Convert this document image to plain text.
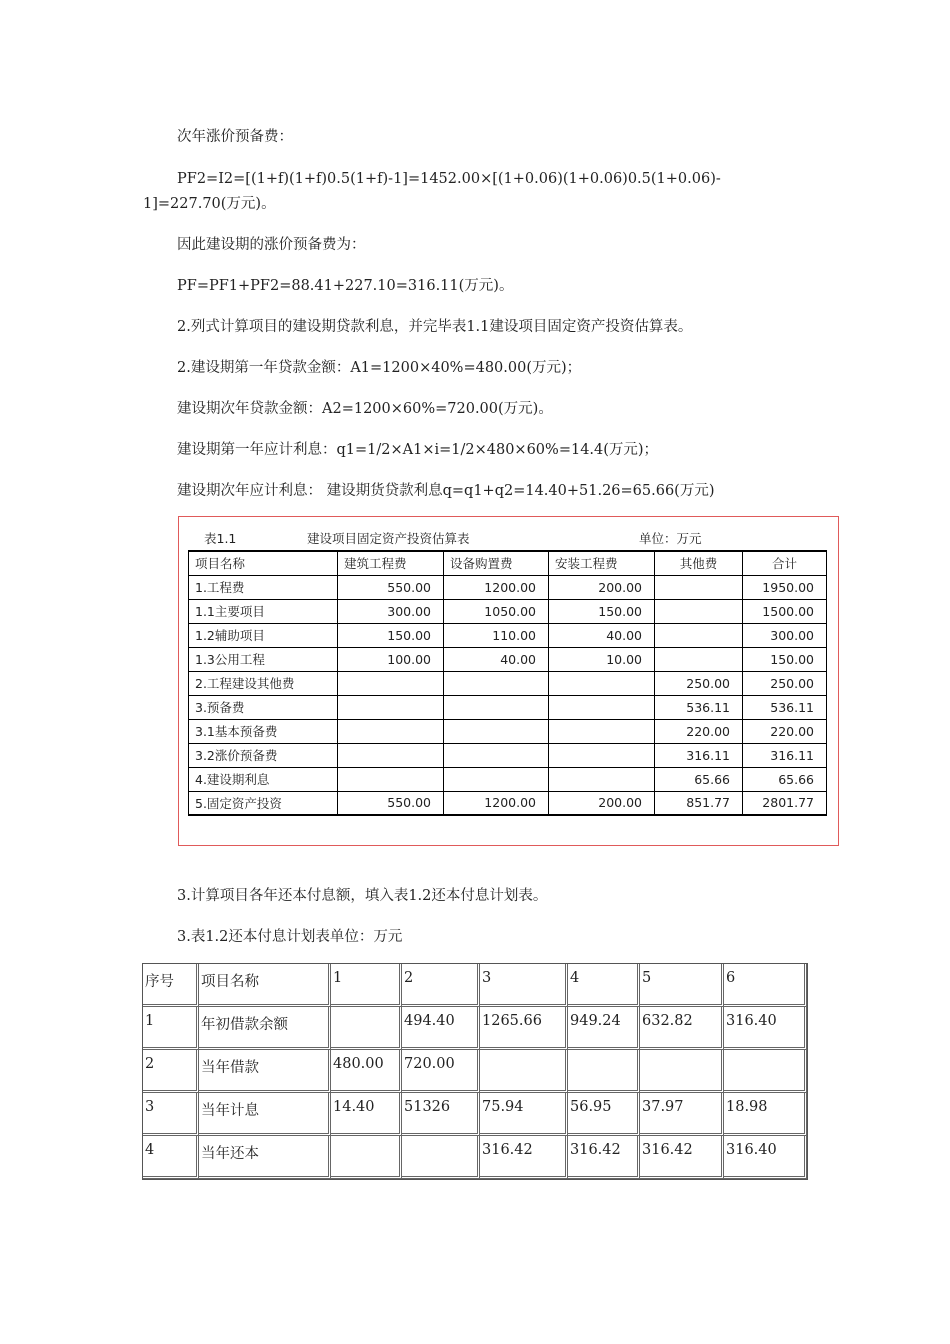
次年涨价预备费：
PF2=I2=[(1+f)(1+f)0.5(1+f)-1]=1452.00×[(1+0.06)(1+0.06)0.5(1+0.06)-
1]=227.70(万元)。
因此建设期的涨价预备费为：
PF=PF1+PF2=88.41+227.10=316.11(万元)。
2.列式计算项目的建设期贷款利息，并完毕表1.1建设项目固定资产投资估算表。
2.建设期第一年贷款金额：A1=1200×40%=480.00(万元)；
建设期次年贷款金额：A2=1200×60%=720.00(万元)。
建设期第一年应计利息：q1=1/2×A1×i=1/2×480×60%=14.4(万元)；
建设期次年应计利息： 建设期货贷款利息q=q1+q2=14.40+51.26=65.66(万元)
表1.1	建设项目固定资产投资估算表	单位：万元
项目名称	建筑工程费	设备购置费	安装工程费	其他费	合计
1.工程费	550.00	1200.00	200.00		1950.00
1.1主要项目	300.00	1050.00	150.00		1500.00
1.2辅助项目	150.00	110.00	40.00		300.00
1.3公用工程	100.00	40.00	10.00		150.00
2.工程建设其他费				250.00	250.00
3.预备费				536.11	536.11
3.1基本预备费				220.00	220.00
3.2涨价预备费				316.11	316.11
4.建设期利息				65.66	65.66
5.固定资产投资	550.00	1200.00	200.00	851.77	2801.77
3.计算项目各年还本付息额，填入表1.2还本付息计划表。
3.表1.2还本付息计划表单位：万元
序号	项目名称	1	2	3	4	5	6
1	年初借款余额		494.40	1265.66	949.24	632.82	316.40
2	当年借款	480.00	720.00				
3	当年计息	14.40	51326	75.94	56.95	37.97	18.98
4	当年还本			316.42	316.42	316.42	316.40
